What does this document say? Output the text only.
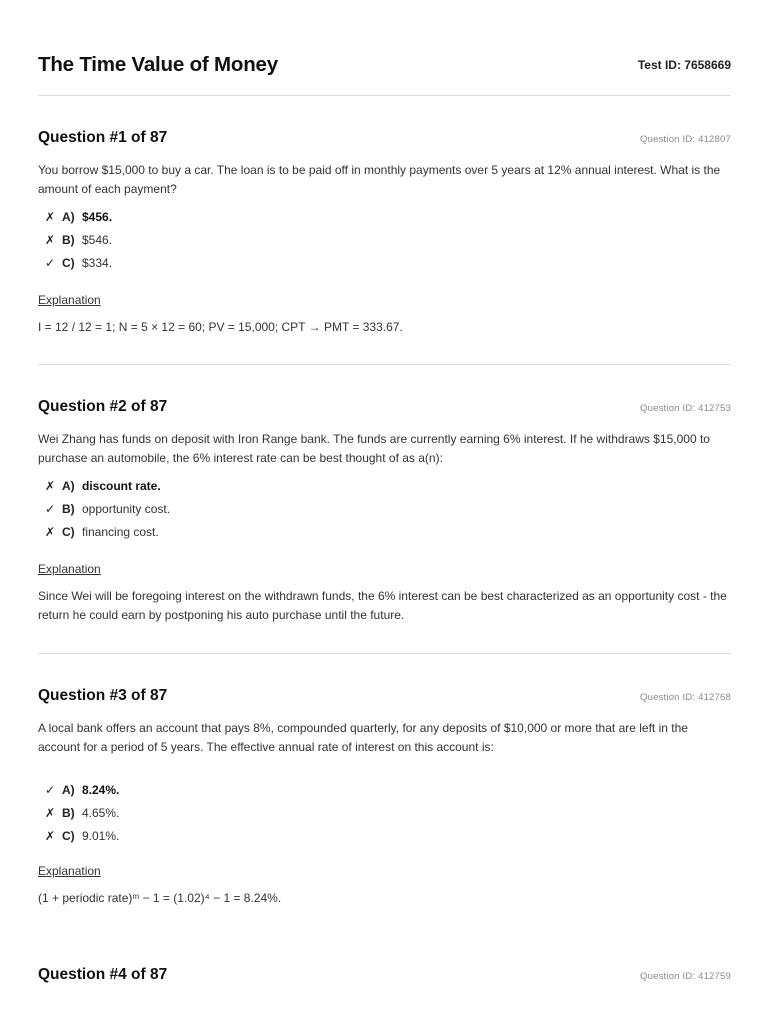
The Time Value of Money	Test ID: 7658669
Question #1 of 87	Question ID: 412807
You borrow $15,000 to buy a car. The loan is to be paid off in monthly payments over 5 years at 12% annual interest. What is the amount of each payment?
✗ A) $456.
✗ B) $546.
✓ C) $334.
Explanation
I = 12 / 12 = 1; N = 5 × 12 = 60; PV = 15,000; CPT → PMT = 333.67.
Question #2 of 87	Question ID: 412753
Wei Zhang has funds on deposit with Iron Range bank. The funds are currently earning 6% interest. If he withdraws $15,000 to purchase an automobile, the 6% interest rate can be best thought of as a(n):
✗ A) discount rate.
✓ B) opportunity cost.
✗ C) financing cost.
Explanation
Since Wei will be foregoing interest on the withdrawn funds, the 6% interest can be best characterized as an opportunity cost - the return he could earn by postponing his auto purchase until the future.
Question #3 of 87	Question ID: 412768
A local bank offers an account that pays 8%, compounded quarterly, for any deposits of $10,000 or more that are left in the account for a period of 5 years. The effective annual rate of interest on this account is:
✓ A) 8.24%.
✗ B) 4.65%.
✗ C) 9.01%.
Explanation
(1 + periodic rate)ᵐ − 1 = (1.02)⁴ − 1 = 8.24%.
Question #4 of 87	Question ID: 412759
